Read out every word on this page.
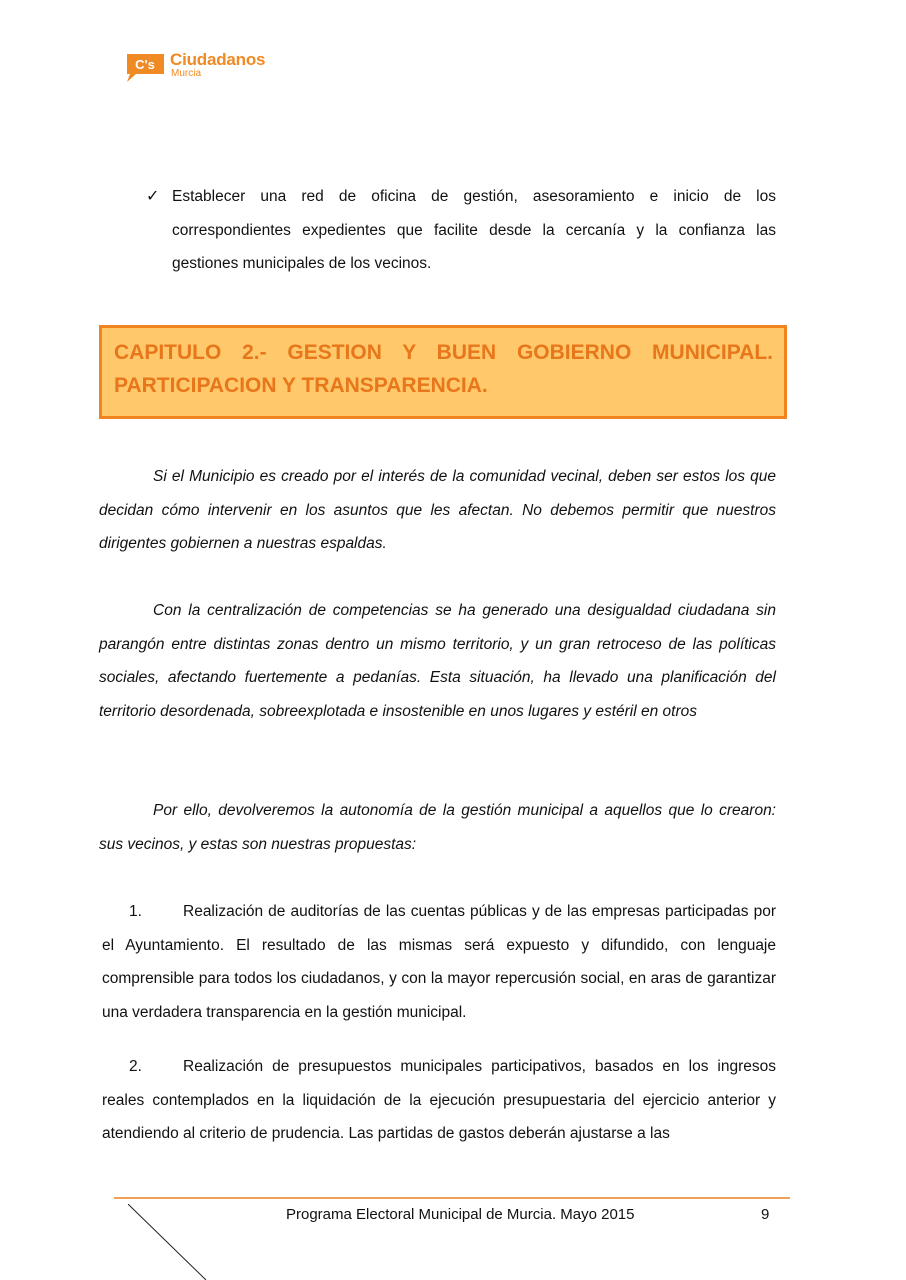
C's Ciudadanos
Murcia
✓ Establecer una red de oficina de gestión, asesoramiento e inicio de los correspondientes expedientes que facilite desde la cercanía y la confianza las gestiones municipales de los vecinos.

CAPITULO 2.- GESTION Y BUEN GOBIERNO MUNICIPAL. PARTICIPACION Y TRANSPARENCIA.

Si el Municipio es creado por el interés de la comunidad vecinal, deben ser estos los que decidan cómo intervenir en los asuntos que les afectan. No debemos permitir que nuestros dirigentes gobiernen a nuestras espaldas.
Con la centralización de competencias se ha generado una desigualdad ciudadana sin parangón entre distintas zonas dentro un mismo territorio, y un gran retroceso de las políticas sociales, afectando fuertemente a pedanías. Esta situación, ha llevado una planificación del territorio desordenada, sobreexplotada e insostenible en unos lugares y estéril en otros
Por ello, devolveremos la autonomía de la gestión municipal a aquellos que lo crearon: sus vecinos, y estas son nuestras propuestas:
1.	Realización de auditorías de las cuentas públicas y de las empresas participadas por el Ayuntamiento. El resultado de las mismas será expuesto y difundido, con lenguaje comprensible para todos los ciudadanos, y con la mayor repercusión social, en aras de garantizar una verdadera transparencia en la gestión municipal.
2.	Realización de presupuestos municipales participativos, basados en los ingresos reales contemplados en la liquidación de la ejecución presupuestaria del ejercicio anterior y atendiendo al criterio de prudencia. Las partidas de gastos deberán ajustarse a las
Programa Electoral Municipal de Murcia. Mayo 2015	9
